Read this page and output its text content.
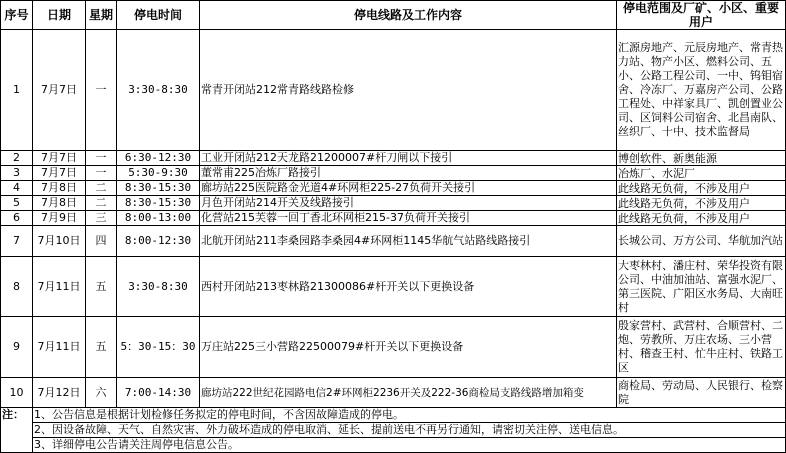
序号	日期	星期	停电时间	停电线路及工作内容	停电范围及厂矿、小区、重要用户
1	7月7日	一	3:30-8:30	常青开闭站212常青路线路检修	汇源房地产、元辰房地产、常青热力站、物产小区、燃料公司、五小、公路工程公司、一中、钨钼宿舍、冷冻厂、万嘉房产公司、公路工程处、中祥家具厂、凯创置业公司、区饲料公司宿舍、北昌南队、丝织厂、十中、技术监督局
2	7月7日	一	6:30-12:30	工业开闭站212天龙路21200007#杆刀闸以下接引	博创软件、新奥能源
3	7月7日	一	5:30-9:30	董常甫225冶炼厂路接引	冶炼厂、水泥厂
4	7月8日	二	8:30-15:30	廊坊站225医院路金光道4#环网柜225-27负荷开关接引	此线路无负荷，不涉及用户
5	7月8日	二	8:30-15:30	月色开闭站214开关及线路接引	此线路无负荷，不涉及用户
6	7月9日	三	8:00-13:00	化营站215芙蓉一回丁香北环网柜215-37负荷开关接引	此线路无负荷，不涉及用户
7	7月10日	四	8:00-12:30	北航开闭站211李桑园路李桑园4#环网柜1145华航气站路线路接引	长城公司、万方公司、华航加汽站
8	7月11日	五	3:30-8:30	西村开闭站213枣林路21300086#杆开关以下更换设备	大枣林村、潘庄村、荣华投资有限公司、中油加油站、富强水泥厂、第三医院、广阳区水务局、大南旺村
9	7月11日	五	5：30-15：30	万庄站225三小营路22500079#杆开关以下更换设备	殷家营村、武营村、合顺营村、二炮、劳教所、万庄农场、三小营村、稽查王村、忙牛庄村、铁路工区
10	7月12日	六	7:00-14:30	廊坊站222世纪花园路电信2#环网柜2236开关及222-36商检局支路线路增加箱变	商检局、劳动局、人民银行、检察院
注：	1、公告信息是根据计划检修任务拟定的停电时间，不含因故障造成的停电。				
	2、因设备故障、天气、自然灾害、外力破坏造成的停电取消、延长、提前送电不再另行通知，请密切关注停、送电信息。				
	3、详细停电公告请关注周停电信息公告。				
